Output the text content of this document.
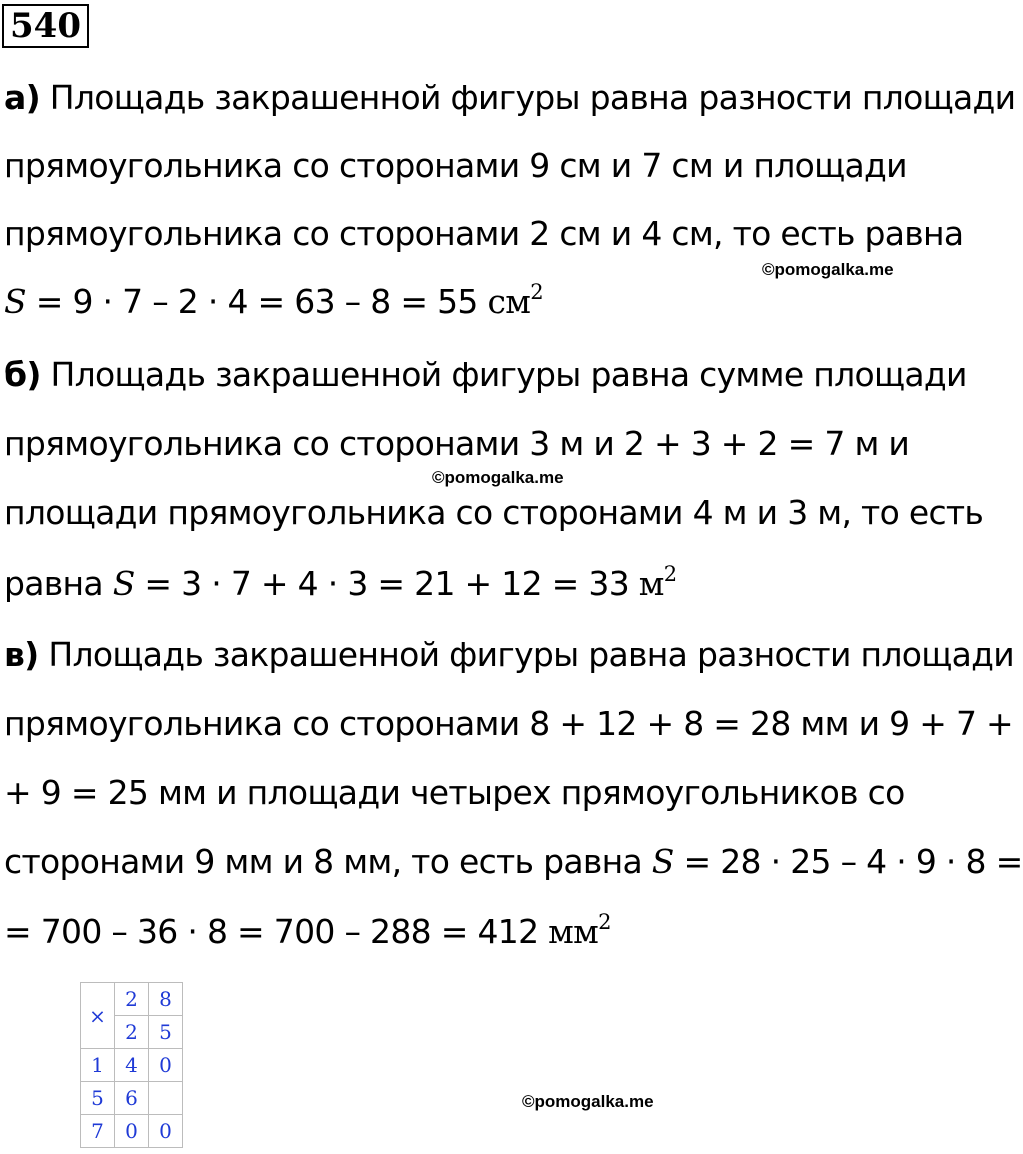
540
а) Площадь закрашенной фигуры равна разности площади
прямоугольника со сторонами 9 см и 7 см и площади
прямоугольника со сторонами 2 см и 4 см, то есть равна
S = 9 · 7 – 2 · 4 = 63 – 8 = 55 $см^2$
б) Площадь закрашенной фигуры равна сумме площади
прямоугольника со сторонами 3 м и 2 + 3 + 2 = 7 м и
площади прямоугольника со сторонами 4 м и 3 м, то есть
равна S = 3 · 7 + 4 · 3 = 21 + 12 = 33 $м^2$
в) Площадь закрашенной фигуры равна разности площади
прямоугольника со сторонами 8 + 12 + 8 = 28 мм и 9 + 7 +
+ 9 = 25 мм и площади четырех прямоугольников со
сторонами 9 мм и 8 мм, то есть равна S = 28 · 25 – 4 · 9 · 8 =
= 700 – 36 · 8 = 700 – 288 = 412 $мм^2$
©pomogalka.me
©pomogalka.me
©pomogalka.me
×	2	8
	2	5
1	4	0
5	6	
7	0	0
